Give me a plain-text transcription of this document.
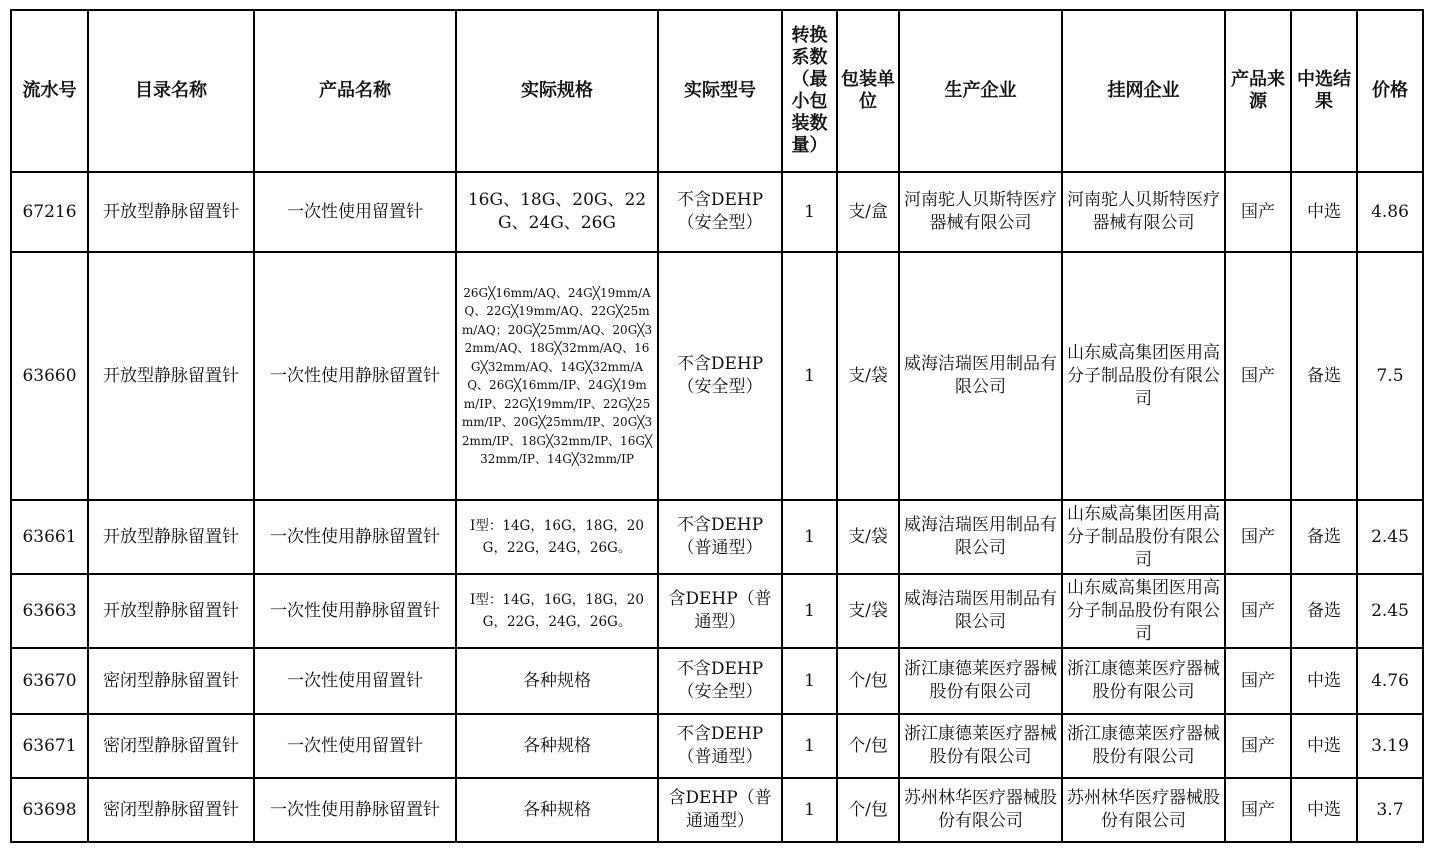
流水号	目录名称	产品名称	实际规格	实际型号	转换系数（最小包装数量）	包装单位	生产企业	挂网企业	产品来源	中选结果	价格
67216	开放型静脉留置针	一次性使用留置针	16G、18G、20G、22G、24G、26G	不含DEHP（安全型）	1	支/盒	河南驼人贝斯特医疗器械有限公司	河南驼人贝斯特医疗器械有限公司	国产	中选	4.86
63660	开放型静脉留置针	一次性使用静脉留置针	26G╳16mm/AQ、24G╳19mm/AQ、22G╳19mm/AQ、22G╳25mm/AQ；20G╳25mm/AQ、20G╳32mm/AQ、18G╳32mm/AQ、16G╳32mm/AQ、14G╳32mm/AQ、26G╳16mm/IP、24G╳19mm/IP、22G╳19mm/IP、22G╳25mm/IP、20G╳25mm/IP、20G╳32mm/IP、18G╳32mm/IP、16G╳32mm/IP、14G╳32mm/IP	不含DEHP（安全型）	1	支/袋	威海洁瑞医用制品有限公司	山东威高集团医用高分子制品股份有限公司	国产	备选	7.5
63661	开放型静脉留置针	一次性使用静脉留置针	I型：14G，16G，18G，20G，22G，24G，26G。	不含DEHP（普通型）	1	支/袋	威海洁瑞医用制品有限公司	山东威高集团医用高分子制品股份有限公司	国产	备选	2.45
63663	开放型静脉留置针	一次性使用静脉留置针	I型：14G，16G，18G，20G，22G，24G，26G。	含DEHP（普通型）	1	支/袋	威海洁瑞医用制品有限公司	山东威高集团医用高分子制品股份有限公司	国产	备选	2.45
63670	密闭型静脉留置针	一次性使用留置针	各种规格	不含DEHP（安全型）	1	个/包	浙江康德莱医疗器械股份有限公司	浙江康德莱医疗器械股份有限公司	国产	中选	4.76
63671	密闭型静脉留置针	一次性使用留置针	各种规格	不含DEHP（普通型）	1	个/包	浙江康德莱医疗器械股份有限公司	浙江康德莱医疗器械股份有限公司	国产	中选	3.19
63698	密闭型静脉留置针	一次性使用静脉留置针	各种规格	含DEHP（普通通型）	1	个/包	苏州林华医疗器械股份有限公司	苏州林华医疗器械股份有限公司	国产	中选	3.7
